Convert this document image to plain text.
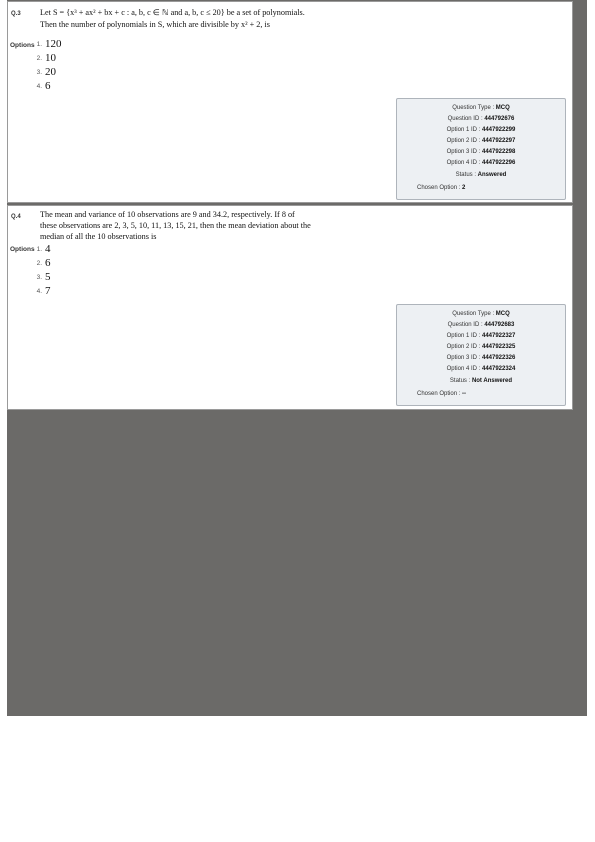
Q.3 Let S = {x³ + ax² + bx + c : a, b, c ∈ ℕ and a, b, c ≤ 20} be a set of polynomials.
Then the number of polynomials in S, which are divisible by x² + 2, is
Options 1. 120
2. 10
3. 20
4. 6
Question Type : MCQ
Question ID : 444792676
Option 1 ID : 4447922299
Option 2 ID : 4447922297
Option 3 ID : 4447922298
Option 4 ID : 4447922296
Status : Answered
Chosen Option : 2
Q.4 The mean and variance of 10 observations are 9 and 34.2, respectively. If 8 of
these observations are 2, 3, 5, 10, 11, 13, 15, 21, then the mean deviation about the
median of all the 10 observations is
Options 1. 4
2. 6
3. 5
4. 7
Question Type : MCQ
Question ID : 444792683
Option 1 ID : 4447922327
Option 2 ID : 4447922325
Option 3 ID : 4447922326
Option 4 ID : 4447922324
Status : Not Answered
Chosen Option : --
